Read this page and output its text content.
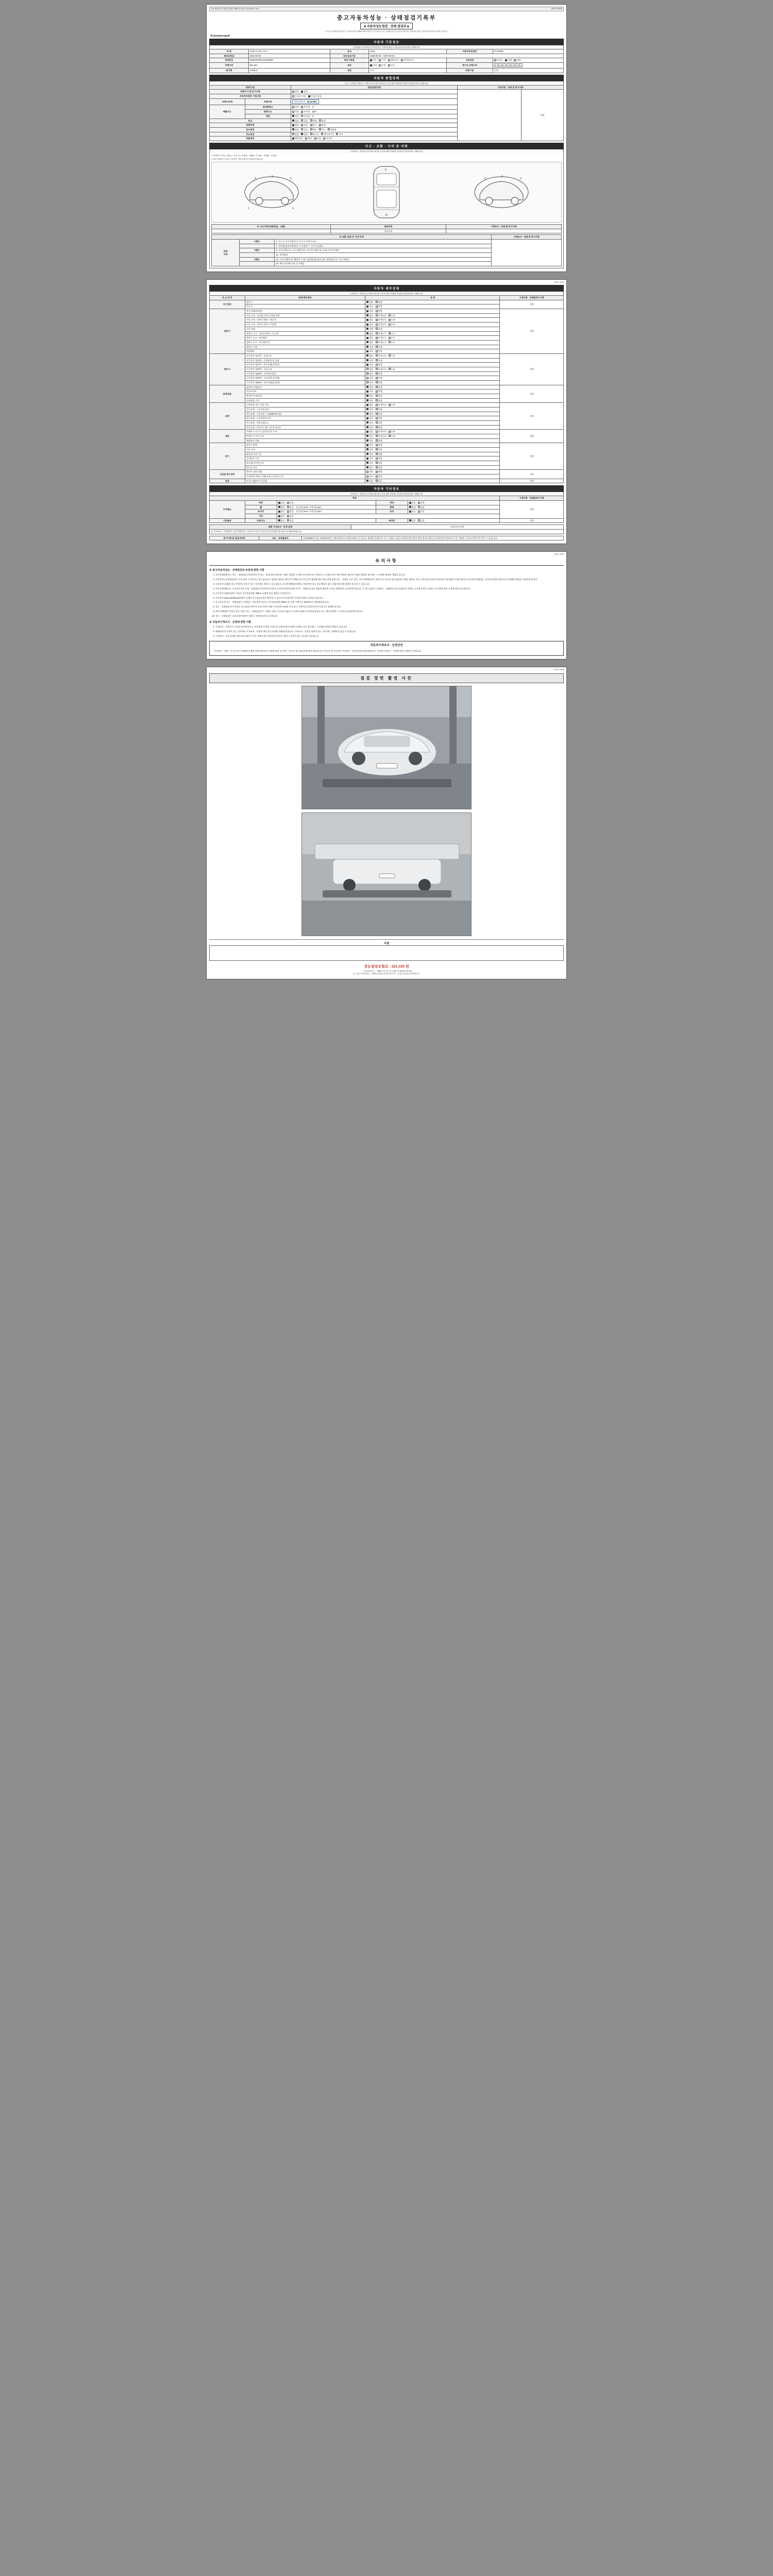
자동차관리법 시행규칙 [별지 제82호서식] <개정 2021.1.15.>	(3쪽중 제1쪽)
중고자동차성능 · 상태점검기록부
■ 자동차성능점검 · 상태 점검부 ■
※ 이 성능상태점검기록부는 자동차관리법 제58조제1항에 따른 중고자동차 성능·상태점검자가 점검한 내용이며, 법령에서 정한 점검항목에 대하여 작성한 것입니다.
제 56100027669호
자동차 기본정보
(기재상태 기준기재 및 특기사항 란은 기재사항 확인 근거를 첨부한 경우에만 기재합니다)
차 명	C220 d 아베가르드	연식	2016	자동차등록번호	27허3035
최초등록일	2016-06-05	검사유효기간	2025-05-05 ~ 2027-05-04		
차대번호	WDD4F0FDGGF225561	변속기종류	자동 수동 세미오토 무단변속기	사용연료	가솔린 디젤 LPG
주행거리	651 921	색상	단일 투톤 기타	계기상 주행거리	0	0	0	0	0	0	0

배기량	1,950 cc	정원	5 인	차종구분	중형
자동차 종합상태
(주요 구조물의 기재조사 · 상태 및 특기사항은 확인한 근거에 의해 기재하며, 점검항목 결과에 따라 기재합니다)
항목/구분		점검내용/상태	기재사항 · 상태 및 특기사항	
전체이사 및 특기사항		있음 없음		적정
자동차등록증 기재사항		사실과 다름 사실과 같음		
주행거리계	주행거리	현재 과주기 : 34,127km		
배출가스	일산화탄소	적정 부적정 %		
	탄화수소	적정 부적정 ppm		
	매연	적정 부적정 %		
튜닝		없음 있음 적법 불법		
특별이력		없음 있음 침수 화재		
용도변경		없음 있음 렌트 리스 영업용		
주요옵션		없음 있음 썬루프 내비게이션 기타		
리콜대상		해당없음 해당 이행 미이행		
사고 · 교환 · 수리 등 이력
(기재조사 · 상태 및 특기사항은 확인한 근거에 의해 기재하며, 점검항목 결과에 따라 기재합니다)
※ (상태표시 부호) : 없음(○) · 판금 또는 용접(X) · 교환(X) · 부식(C) · 흠집(A) · 손상(U)
※ 하단 상태표시 부호의 기준항목, 기타 부품목의 상태에 적용됩니다
3
6
5
1	4
8
12
5
6
3
※ 사고이력 (외판/판금 · 교환)	외판부위	기재조사 · 상태 및 특기사항
	주요골격	
※ 교환, 판금 등 이상 부위			기재조사 · 상태 및 특기사항
외판
부위	1랭크	1. 후드 2. 프론트펜더 3. 도어 4. 트렁크리드	
		5. 쿼터패널(리어펜더) 6. 루프패널 7. 사이드실패널	
	2랭크	8. 프론트패널 9. 크로스멤버 10. 인사이드패널 11. 트렁크플로어패널	
		12. 리어패널	
	3랭크	13. 사이드멤버 14. 휠하우스 15. 필러패널(A,B,C) 16. 대쉬패널 17. 플로어패널	
		18. 패키지트레이 19. 루프레일	
(3쪽중 제2쪽)
자동차 세부상태
(기재조사 · 상태 및 특기사항은 확인한 근거에 의해 기재하며, 점검항목 결과에 따라 기재합니다)
주 요 장 치	항목/세부항목	상 태	기재사항 · 상태및특기사항
자기진단	원동기	양호 불량	적정
	변속기	양호 불량	
원동기	작동상태(공회전)	양호 불량	적정
	오일 누유 - 로커암 커버 로커암 커버	없음 미세누유 누유	
	오일 누유 - 실린더 헤드 / 개스킷	없음 미세누유 누유	
	오일 누유 - 실린더 블록 / 오일팬	없음 미세누유 누유	
	오일 유량	적정 부족	
	냉각수 누수 - 실린더 헤드 / 가스켓	없음 미세누수 누수	
	냉각수 누수 - 워터펌프	없음 미세누수 누수	
	냉각수 누수 - 라디에이터	없음 미세누수 누수	
	냉각수 수량	적정 부족	
	커먼레일	양호 불량	
변속기	자동변속기(A/T) - 오일누유	없음 미세누유 누유	적정
	자동변속기(A/T) - 오일유량 및 상태	적정 부족	
	자동변속기(A/T) - 작동상태(공회전)	양호 불량	
	수동변속기(M/T) - 오일누유	없음 미세누유 누유	
	수동변속기(M/T) - 기어변속장치	양호 불량	
	수동변속기(M/T) - 오일유량 및 상태	적정 부족	
	수동변속기(M/T) - 작동상태(공회전)	양호 불량	
동력전달	클러치 어셈블리	양호 불량	적정
	등속조인트	양호 불량	
	추진축 및 베어링	양호 불량	
	디퍼렌셜 기어	양호 불량	
조향	동력조향 작동 오일 누유	없음 미세누유 누유	적정
	작동상태 - 스티어링 펌프	양호 불량	
	작동상태 - 스티어링 기어(MDPS포함)	양호 불량	
	작동상태 - 스티어링조인트	양호 불량	
	작동상태 - 파워고압호스	양호 불량	
	작동상태 - 타이로드엔드 및 볼 조인트	양호 불량	
제동	브레이크 마스터 실린더오일 누유	없음 미세누유 누유	적정
	브레이크 오일 누유	없음 미세누유 누유	
	배력장치 상태	양호 불량	
전기	발전기 출력	양호 불량	적정
	시동 모터	양호 불량	
	와이퍼 모터 기능	양호 불량	
	실내송풍 모터	양호 불량	
	라디에이터 팬 모터	양호 불량	
	윈도우 모터	양호 불량	
고전원 전기장치	충전구 절연 상태	양호 불량	적정
	고전원전기배선 상태(피복,손상,방수 등)	양호 불량	
연료	연료누출(LP가스포함)	없음 있음	적정
자동차 기타정보
(기재조사 · 상태 및 특기사항은 확인한 근거에 의해 기재하며, 점검항목 결과에 따라 기재합니다)
항목					기재사항 · 상태및특기사항
수리필요	외장	없음 있음	내장	없음 있음	적정
	휠	없음 있음 운전석( )mm / 동반석( )mm	광택	없음 있음	
	타이어	없음 있음 운전석( )mm / 동반석( )mm	유리	없음 있음	
	기타	없음 있음			
기본품목	브레이크	없음 있음	에어컨	없음 있음	적정
최종 가격조사 · 산정 금액	0 0 0 0 0 만원
※ 가격조사 · 산정액은 실제 매물에의 가격이 아니며 자동차가격 산정에 참고용으로 활용바랍니다
특기사항 및 점검자의견	성능 · 상태점검자	내전(2006년 1월, 10,820만원) 기재이력있으며 제공보험사 중 플러스 제외한 통합이며 기능, 부품은 점검시점에서 확인되며 경년 열고자 확인 남 보편적인 원래 모두 및 기재할 수 있으며 추가적 반응 수 있습니다.
(3쪽중 제3쪽)
유의사항
※ 중고자동차성능 · 상태점검의 보증에 관한 사항
1. 자동차매매업자는 성능 · 상태점검기록부(자동차 성능 · 상태 점검 제도에 기재한 내용을 고지하지 아니하거나 거짓으로 고지함으로써 매수인에게 재산상 손해를 발생한 경우에는 그 손해를 배상할 책임을 집니다.
2. 자동차성능상태점검자가 거짓 정보 고지하거나 성능점검자가 점검한 내용을 매도인이 매매 보증기간 등의 범위에 따라 매도인에 대한 성능 · 상태가 다른 경우, 자동차매매업자가 매수인이 자신과 성능점검에 기재할 책임을 지며, 자동차성능점검기록부에 기재 내용은 보험사업자가 보증하여 책임있는 경우에 한하여 매도인의 손해배상책임을 부담하게 됩니다.
3. 자동차의 실제와 성능기록부상 차이가 있는 경우에는 매도인, 성능점검자, 자동차매매업자에게 고지하여야 하고 보증책임이 있는 보험사업자에 대하여 청구할 수 있습니다.
4. 자동차매매업자는 중고자동차를 산업 · 상태점검기록부에 의거하여 고지할 때 판매 상환기간이 · 내매자금지의 상품에 대하여 고지를 정확하게 고지하여야 합니다. 중 성능점검이 기재하는 · 내매자금지의 상품관리 내용을 고지에 따라서, 열려두 적기할면 관련 규정에 따라 보증합니다.
5. 자동차의 외관에 관한 사항은 자동차관리법 제58조 규정에 의한 범위를 준용합니다.
6. 자동차의 www.car365.go.kr에서 상세한 성능점검기록을 확인할 수 있으며 보증에 관한 자세한 내용은 다음과 같습니다.
7. 중고자동차 성능 · 상태점검이 기재하는 사항 관련 보증은 자동차관리법 제58조 및 동법 시행규칙 제120조의 내용에 따릅니다.
8. 성능 · 상태점검자가 작성한 성능점검기록부의 보증기간은 차량 인도일부터 30일 이상 또는 주행거리 2천킬로미터 이상으로 정해야 합니다.
9. 매수인(매매의 목적이 있는 자)은 성능 · 상태점검자가 기재한 사항이 사실과 다름을 안 날부터 30일 이내 보험사업자 또는 매도인에게 그 사실을 통보하여야 합니다.
10. 성능 · 상태점검은 국토교통부장관이 정하는 방법에 따라 실시합니다.
※ 자동차가격조사 · 산정에 관한 사항
1. 가격조사 · 산정자가 사실과 상이하게 또는 부실하게 산정한 가격으로 인하여 매수인에게 손해를 끼친 경우에는 그 손해를 배상할 책임이 있습니다.
2. 매매업자의 중개가 있는 경우에도 가격조사 · 산정은 매수인의 요청에 의해서만 합니다. 가격조사 · 산정을 원하지 않는 경우에는 선택하지 않을 수 있습니다.
3. 가격조사 · 산정 금액은 매도인과 매수인 간의 거래가격을 제한하지 않으며, 법적 구속력이 없는 참고용 자료입니다.
자동차가격조사 · 산정선언
「가격조사 · 산정」은 실시자가 매매계약 체결 전에 매수인의 요청에 따라 실시하는 것으로 성능점검과 별개의 제도입니다. 본인은 위 자동차의 가격조사 · 산정 결과를 확인하였으며, 자동차가격조사 · 산정에 관한 사항에 동의합니다.
(3쪽중 제3쪽)
점검 장면 촬영 사진
서명
성능점검보험료 : 221,430 원
「 자동차관리법 」 제58조 및 같은 법 시행규칙 제120조에 따라
[ ※ ] 중고자동차성능 · 상태를 점검 [ ] 자동차가격조사 · 산정 ] 사업자로 확인합니다.
